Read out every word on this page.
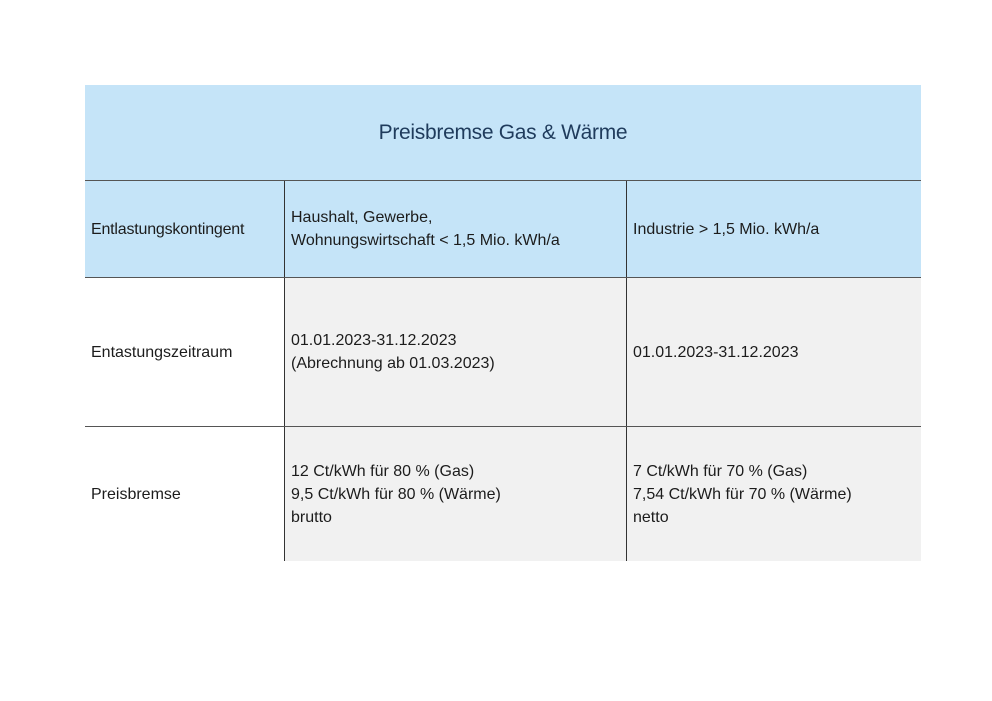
Preisbremse Gas & Wärme
Entlastungskontingent
Haushalt, Gewerbe,
Wohnungswirtschaft < 1,5 Mio. kWh/a
Industrie > 1,5 Mio. kWh/a
Entastungszeitraum
01.01.2023-31.12.2023
(Abrechnung ab 01.03.2023)
01.01.2023-31.12.2023
Preisbremse
12 Ct/kWh für 80 % (Gas)
9,5 Ct/kWh für 80 % (Wärme)
brutto
7 Ct/kWh für 70 % (Gas)
7,54 Ct/kWh für 70 % (Wärme)
netto
